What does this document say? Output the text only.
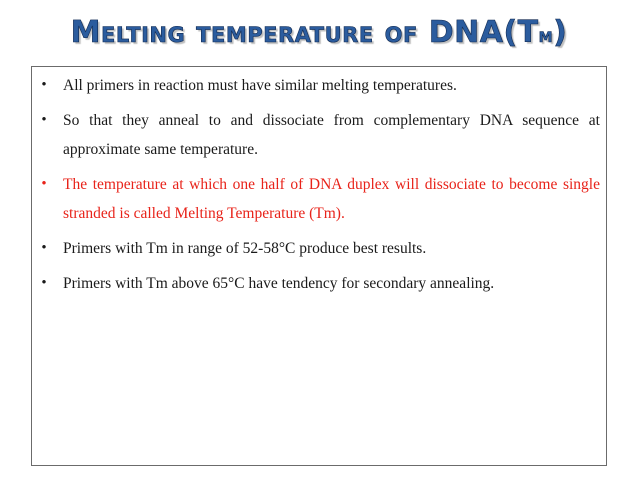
Melting temperature of DNA(Tm)
•	All primers in reaction must have similar melting temperatures.
•	So that they anneal to and dissociate from complementary DNA sequence at approximate same temperature.
•	The temperature at which one half of DNA duplex will dissociate to become single stranded is called Melting Temperature (Tm).
•	Primers with Tm in range of 52-58°C produce best results.
•	Primers with Tm above 65°C have tendency for secondary annealing.
